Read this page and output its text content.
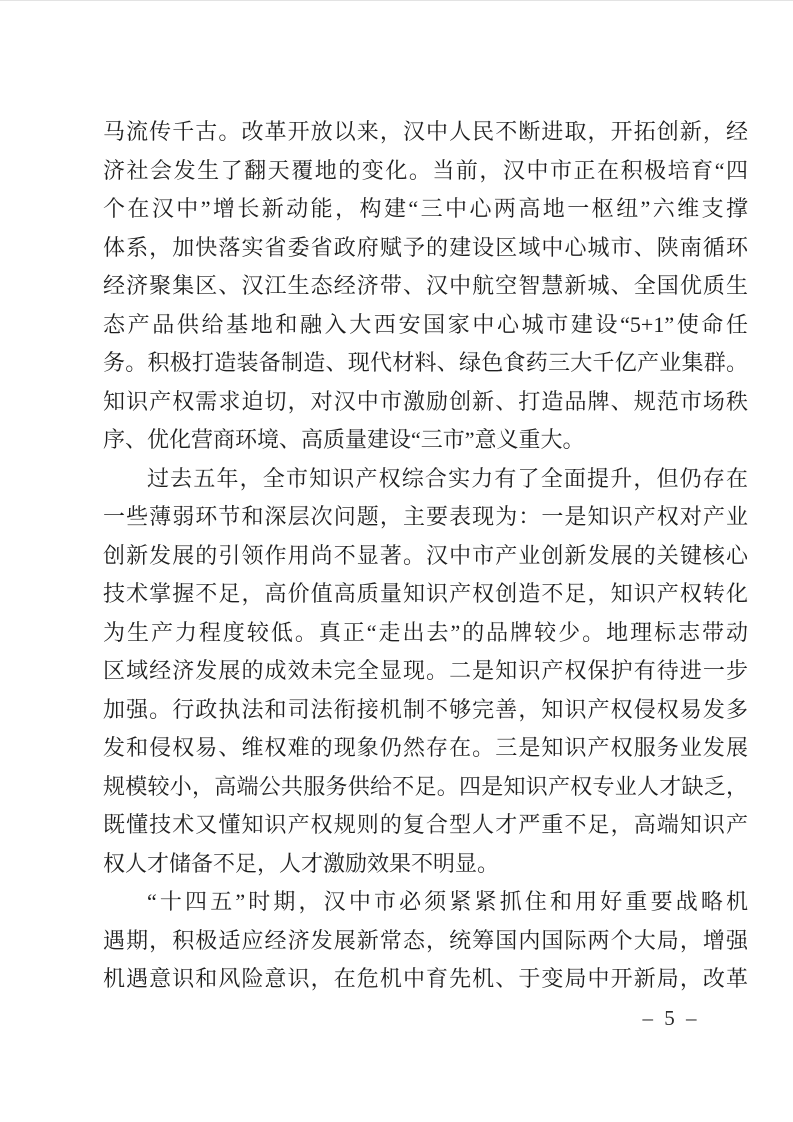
马流传千古。改革开放以来，汉中人民不断进取，开拓创新，经
济社会发生了翻天覆地的变化。当前，汉中市正在积极培育“四
个在汉中”增长新动能，构建“三中心两高地一枢纽”六维支撑
体系，加快落实省委省政府赋予的建设区域中心城市、陕南循环
经济聚集区、汉江生态经济带、汉中航空智慧新城、全国优质生
态产品供给基地和融入大西安国家中心城市建设“5+1”使命任
务。积极打造装备制造、现代材料、绿色食药三大千亿产业集群。
知识产权需求迫切，对汉中市激励创新、打造品牌、规范市场秩
序、优化营商环境、高质量建设“三市”意义重大。
过去五年，全市知识产权综合实力有了全面提升，但仍存在
一些薄弱环节和深层次问题，主要表现为：一是知识产权对产业
创新发展的引领作用尚不显著。汉中市产业创新发展的关键核心
技术掌握不足，高价值高质量知识产权创造不足，知识产权转化
为生产力程度较低。真正“走出去”的品牌较少。地理标志带动
区域经济发展的成效未完全显现。二是知识产权保护有待进一步
加强。行政执法和司法衔接机制不够完善，知识产权侵权易发多
发和侵权易、维权难的现象仍然存在。三是知识产权服务业发展
规模较小，高端公共服务供给不足。四是知识产权专业人才缺乏，
既懂技术又懂知识产权规则的复合型人才严重不足，高端知识产
权人才储备不足，人才激励效果不明显。
“十四五”时期，汉中市必须紧紧抓住和用好重要战略机
遇期，积极适应经济发展新常态，统筹国内国际两个大局，增强
机遇意识和风险意识，在危机中育先机、于变局中开新局，改革
– 5 –
